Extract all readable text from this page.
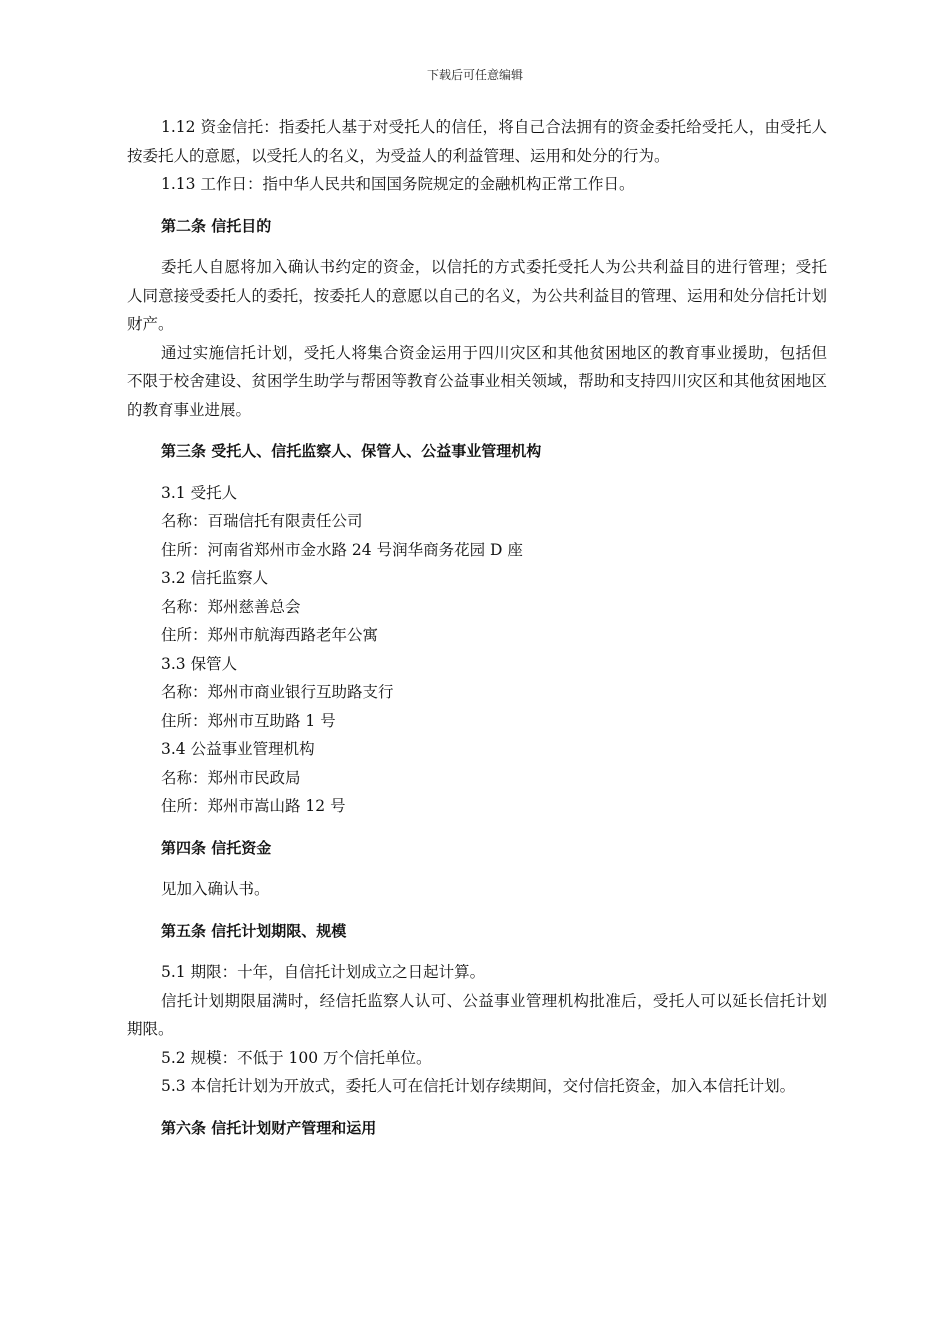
下载后可任意编辑

1.12 资金信托：指委托人基于对受托人的信任，将自己合法拥有的资金委托给受托人，由受托人按委托人的意愿，以受托人的名义，为受益人的利益管理、运用和处分的行为。

1.13 工作日：指中华人民共和国国务院规定的金融机构正常工作日。

第二条 信托目的

委托人自愿将加入确认书约定的资金，以信托的方式委托受托人为公共利益目的进行管理；受托人同意接受委托人的委托，按委托人的意愿以自己的名义，为公共利益目的管理、运用和处分信托计划财产。

通过实施信托计划，受托人将集合资金运用于四川灾区和其他贫困地区的教育事业援助，包括但不限于校舍建设、贫困学生助学与帮困等教育公益事业相关领域，帮助和支持四川灾区和其他贫困地区的教育事业进展。

第三条 受托人、信托监察人、保管人、公益事业管理机构

3.1 受托人

名称：百瑞信托有限责任公司

住所：河南省郑州市金水路 24 号润华商务花园 D 座

3.2 信托监察人

名称：郑州慈善总会

住所：郑州市航海西路老年公寓

3.3 保管人

名称：郑州市商业银行互助路支行

住所：郑州市互助路 1 号

3.4 公益事业管理机构

名称：郑州市民政局

住所：郑州市嵩山路 12 号

第四条 信托资金

见加入确认书。

第五条 信托计划期限、规模

5.1 期限：十年，自信托计划成立之日起计算。

信托计划期限届满时，经信托监察人认可、公益事业管理机构批准后，受托人可以延长信托计划期限。

5.2 规模：不低于 100 万个信托单位。

5.3 本信托计划为开放式，委托人可在信托计划存续期间，交付信托资金，加入本信托计划。

第六条 信托计划财产管理和运用
